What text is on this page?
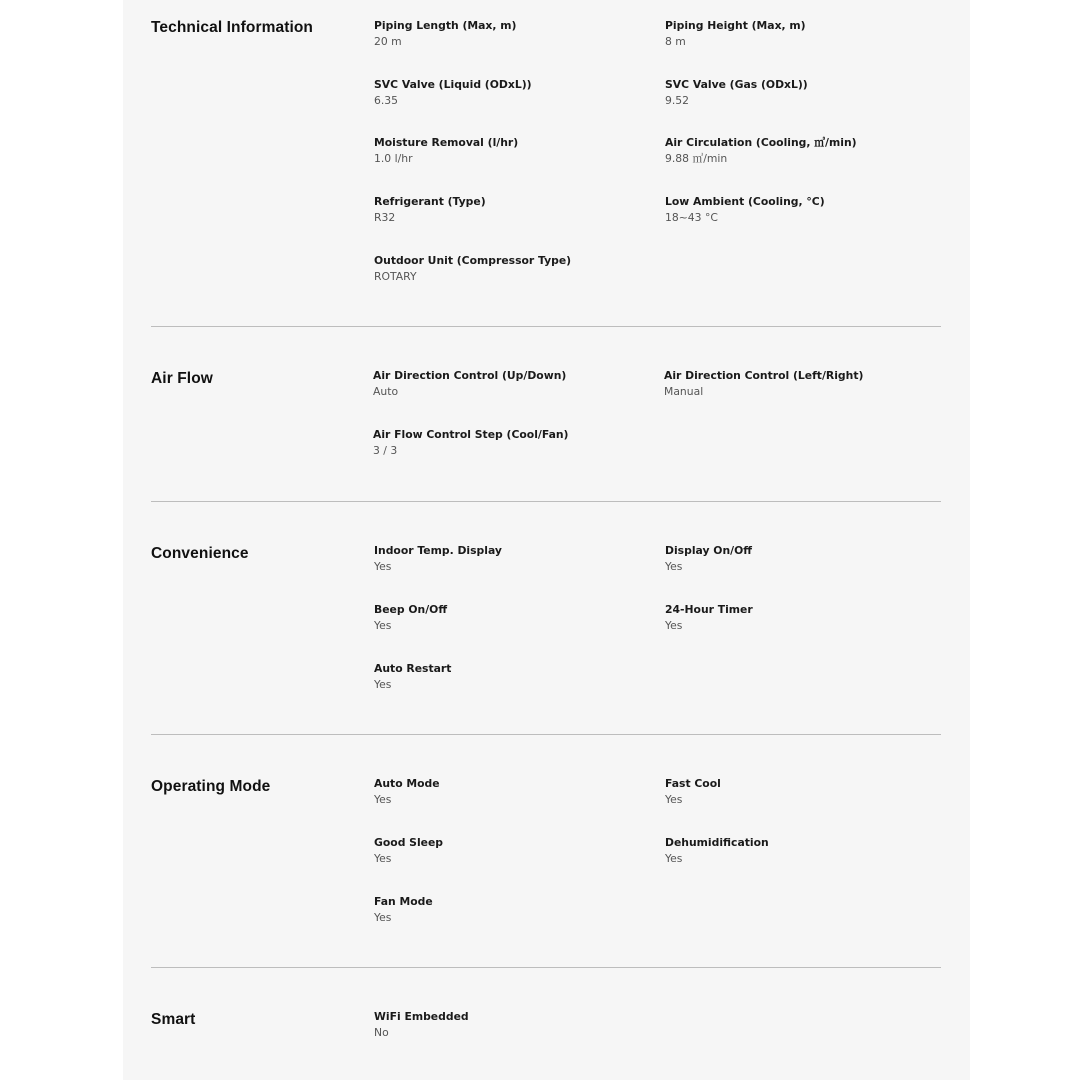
Technical Information	Piping Length (Max, m)
20 m
Piping Height (Max, m)
8 m
SVC Valve (Liquid (ODxL))
6.35
SVC Valve (Gas (ODxL))
9.52
Moisture Removal (l/hr)
1.0 l/hr
Air Circulation (Cooling, ㎥/min)
9.88 ㎥/min
Refrigerant (Type)
R32
Low Ambient (Cooling, °C)
18~43 °C
Outdoor Unit (Compressor Type)
ROTARY
Air Flow	Air Direction Control (Up/Down)
Auto
Air Direction Control (Left/Right)
Manual
Air Flow Control Step (Cool/Fan)
3 / 3
Convenience	Indoor Temp. Display
Yes
Display On/Off
Yes
Beep On/Off
Yes
24-Hour Timer
Yes
Auto Restart
Yes
Operating Mode	Auto Mode
Yes
Fast Cool
Yes
Good Sleep
Yes
Dehumidification
Yes
Fan Mode
Yes
Smart	WiFi Embedded
No
